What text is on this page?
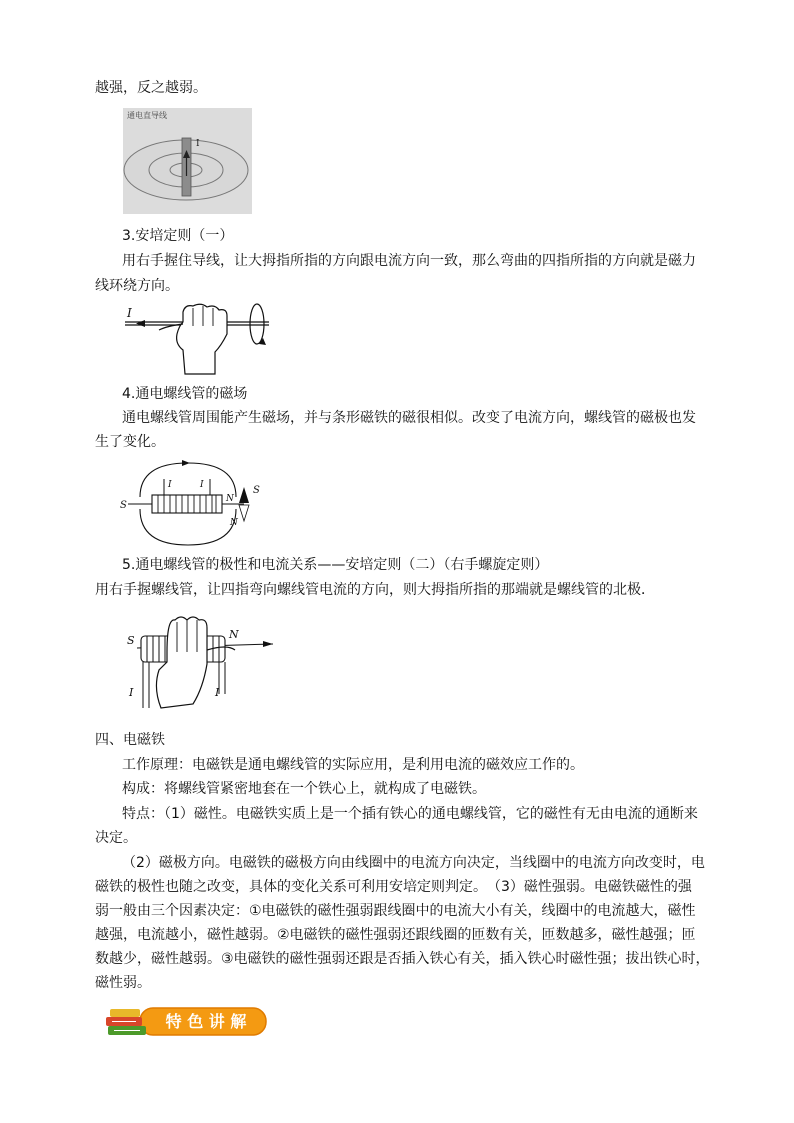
越强，反之越弱。
通电直导线
I
3.安培定则（一）
用右手握住导线，让大拇指所指的方向跟电流方向一致，那么弯曲的四指所指的方向就是磁力
线环绕方向。
I
4.通电螺线管的磁场
通电螺线管周围能产生磁场，并与条形磁铁的磁很相似。改变了电流方向，螺线管的磁极也发
生了变化。
S
N
I	I	S
N
5.通电螺线管的极性和电流关系——安培定则（二）（右手螺旋定则）
用右手握螺线管，让四指弯向螺线管电流的方向，则大拇指所指的那端就是螺线管的北极．
S	N
I	I
四、电磁铁
工作原理：电磁铁是通电螺线管的实际应用，是利用电流的磁效应工作的。
构成：将螺线管紧密地套在一个铁心上，就构成了电磁铁。
特点：（1）磁性。电磁铁实质上是一个插有铁心的通电螺线管，它的磁性有无由电流的通断来
决定。
（2）磁极方向。电磁铁的磁极方向由线圈中的电流方向决定，当线圈中的电流方向改变时，电
磁铁的极性也随之改变，具体的变化关系可利用安培定则判定。　（3）磁性强弱。电磁铁磁性的强
弱一般由三个因素决定：①电磁铁的磁性强弱跟线圈中的电流大小有关，线圈中的电流越大，磁性
越强，电流越小，磁性越弱。②电磁铁的磁性强弱还跟线圈的匝数有关，匝数越多，磁性越强；匝
数越少，磁性越弱。③电磁铁的磁性强弱还跟是否插入铁心有关，插入铁心时磁性强；拔出铁心时，
磁性弱。
特 色 讲 解
